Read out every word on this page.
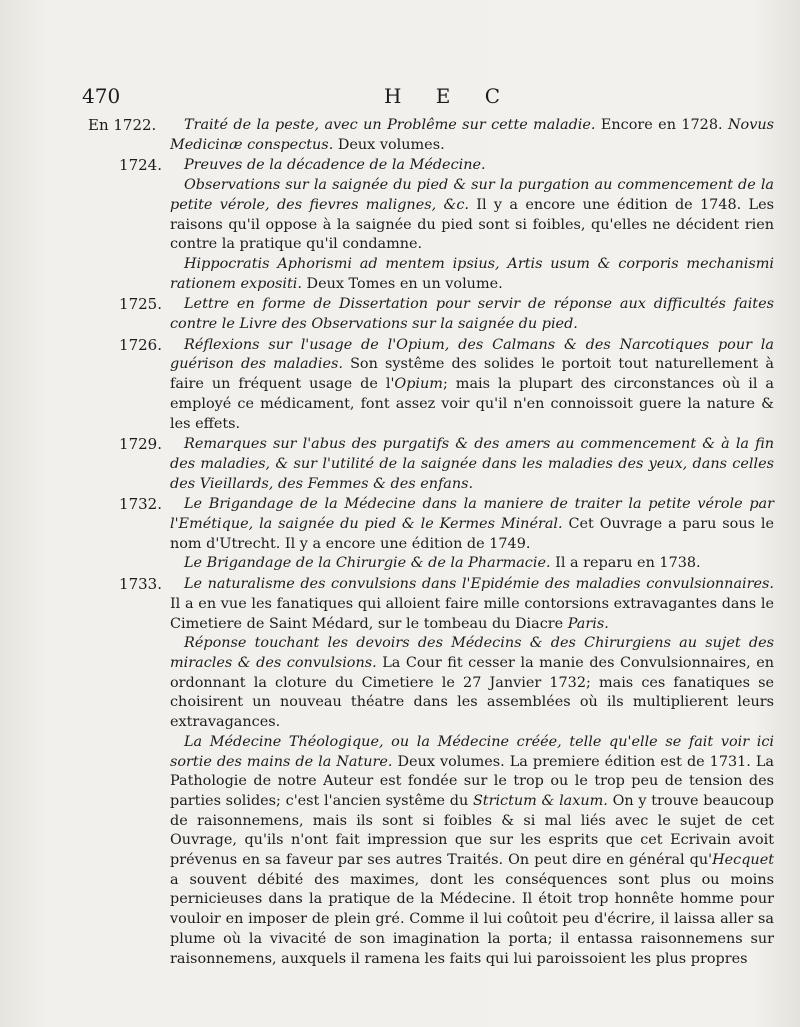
470	H E C
En 1722.	Traité de la peste, avec un Problême sur cette maladie. Encore en 1728. Novus Medicinæ conspectus. Deux volumes.

1724.	Preuves de la décadence de la Médecine.

Observations sur la saignée du pied & sur la purgation au commencement de la petite vérole, des fievres malignes, &c. Il y a encore une édition de 1748. Les raisons qu'il oppose à la saignée du pied sont si foibles, qu'elles ne décident rien contre la pratique qu'il condamne.

Hippocratis Aphorismi ad mentem ipsius, Artis usum & corporis mechanismi rationem expositi. Deux Tomes en un volume.

1725.	Lettre en forme de Dissertation pour servir de réponse aux difficultés faites contre le Livre des Observations sur la saignée du pied.

1726.	Réflexions sur l'usage de l'Opium, des Calmans & des Narcotiques pour la guérison des maladies. Son systême des solides le portoit tout naturellement à faire un fréquent usage de l'Opium; mais la plupart des circonstances où il a employé ce médicament, font assez voir qu'il n'en connoissoit guere la nature & les effets.

1729.	Remarques sur l'abus des purgatifs & des amers au commencement & à la fin des maladies, & sur l'utilité de la saignée dans les maladies des yeux, dans celles des Vieillards, des Femmes & des enfans.

1732.	Le Brigandage de la Médecine dans la maniere de traiter la petite vérole par l'Emétique, la saignée du pied & le Kermes Minéral. Cet Ouvrage a paru sous le nom d'Utrecht. Il y a encore une édition de 1749.

Le Brigandage de la Chirurgie & de la Pharmacie. Il a reparu en 1738.

1733.	Le naturalisme des convulsions dans l'Epidémie des maladies convulsionnaires. Il a en vue les fanatiques qui alloient faire mille contorsions extravagantes dans le Cimetiere de Saint Médard, sur le tombeau du Diacre Paris.

Réponse touchant les devoirs des Médecins & des Chirurgiens au sujet des miracles & des convulsions. La Cour fit cesser la manie des Convulsionnaires, en ordonnant la cloture du Cimetiere le 27 Janvier 1732; mais ces fanatiques se choisirent un nouveau théatre dans les assemblées où ils multiplierent leurs extravagances.

La Médecine Théologique, ou la Médecine créée, telle qu'elle se fait voir ici sortie des mains de la Nature. Deux volumes. La premiere édition est de 1731. La Pathologie de notre Auteur est fondée sur le trop ou le trop peu de tension des parties solides; c'est l'ancien systême du Strictum & laxum. On y trouve beaucoup de raisonnemens, mais ils sont si foibles & si mal liés avec le sujet de cet Ouvrage, qu'ils n'ont fait impression que sur les esprits que cet Ecrivain avoit prévenus en sa faveur par ses autres Traités. On peut dire en général qu'Hecquet a souvent débité des maximes, dont les conséquences sont plus ou moins pernicieuses dans la pratique de la Médecine. Il étoit trop honnête homme pour vouloir en imposer de plein gré. Comme il lui coûtoit peu d'écrire, il laissa aller sa plume où la vivacité de son imagination la porta; il entassa raisonnemens sur raisonnemens, auxquels il ramena les faits qui lui paroissoient les plus propres
